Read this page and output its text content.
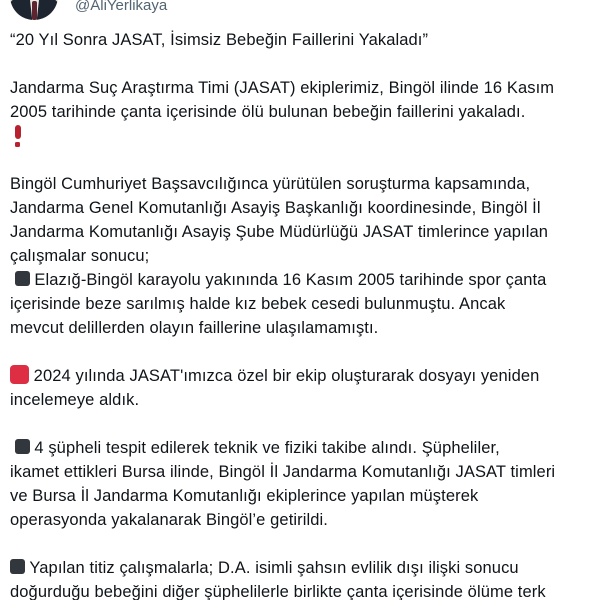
@AliYerlikaya
“20 Yıl Sonra JASAT, İsimsiz Bebeğin Faillerini Yakaladı”
Jandarma Suç Araştırma Timi (JASAT) ekiplerimiz, Bingöl ilinde 16 Kasım
2005 tarihinde çanta içerisinde ölü bulunan bebeğin faillerini yakaladı.
Bingöl Cumhuriyet Başsavcılığınca yürütülen soruşturma kapsamında,
Jandarma Genel Komutanlığı Asayiş Başkanlığı koordinesinde, Bingöl İl
Jandarma Komutanlığı Asayiş Şube Müdürlüğü JASAT timlerince yapılan
çalışmalar sonucu;
Elazığ-Bingöl karayolu yakınında 16 Kasım 2005 tarihinde spor çanta
içerisinde beze sarılmış halde kız bebek cesedi bulunmuştu. Ancak
mevcut delillerden olayın faillerine ulaşılamamıştı.
2024 yılında JASAT'ımızca özel bir ekip oluşturarak dosyayı yeniden
incelemeye aldık.
4 şüpheli tespit edilerek teknik ve fiziki takibe alındı. Şüpheliler,
ikamet ettikleri Bursa ilinde, Bingöl İl Jandarma Komutanlığı JASAT timleri
ve Bursa İl Jandarma Komutanlığı ekiplerince yapılan müşterek
operasyonda yakalanarak Bingöl’e getirildi.
Yapılan titiz çalışmalarla; D.A. isimli şahsın evlilik dışı ilişki sonucu
doğurduğu bebeğini diğer şüphelilerle birlikte çanta içerisinde ölüme terk
